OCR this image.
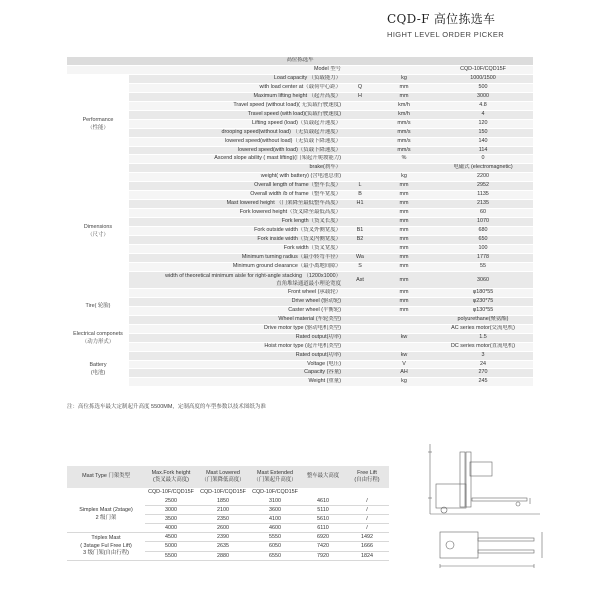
CQD-F 高位拣选车
HIGHT LEVEL ORDER PICKER
高位拣选车				
	Model 型号			CQD-10F/CQD15F
Performance
（性能）	Load capacity （负载能力）		kg	1000/1500
	with load center at（载荷中心距）	Q	mm	500
	Maximum lifting height （起升高度）	H	mm	3000
	Travel speed (without load)( 无负载行驶速度)		km/h	4.8
	Travel speed (with load)(负载行驶速度)		km/h	4
	Lifting speed (load)（负载起升速度）		mm/s	120
	drooping speed(without load) （无负载起升速度）		mm/s	150
	lowered speed(without load)（无负载下降速度）		mm/s	140
	lowered speed(with load)（负载下降速度）		mm/s	114
	Ascend slope ability ( mast lifting)(门架起升爬坡能力)		%	0
	brake(刹车）			电磁式 (electromagnetic)
Dimensions
（尺寸）	weight( with battery) (含电池总重)		kg	2200
	Overall length of frame（整车长度）	L	mm	2952
	Overall width /b of frame（整车宽度）	B	mm	1135
	Mast lowered height （门架降至最低整车高度）	H1	mm	2135
	Fork lowered height（货叉降至最低高度）		mm	60
	Fork length（货叉长度）		mm	1070
	Fork outside width（货叉外侧宽度）	B1	mm	680
	Fork inside width（货叉内侧宽度）	B2	mm	650
	Fork width（货叉宽度）		mm	100
	Minimum turning radius（最小转弯半径）	Wa	mm	1778
	Minimum ground clearance（最小离地间隙）	S	mm	55
	width of theoretical minimum aisle for right-angle stacking （1200x1000）
直角堆垛通道最小理论宽度	Ast	mm	3060
Tire( 轮胎)	Front wheel (承载轮）		mm	φ180*55
	Drive wheel (驱动轮)		mm	φ230*75
	Caster wheel (平衡轮)		mm	φ130*55
	Wheel material (车轮类型)			polyurethane(聚氨酯)
Electrical componets
（动力形式）	Drive motor type (驱动电机类型)			AC series motor(交流电机)
	Rated output(功率)		kw	1.5
	Hoist motor type (起升电机类型)			DC series motor(直流电机)
Battery
(电池)	Rated output(功率)		kw	3
	Voltage (电压)		V	24
	Capacity (容量)		AH	270
	Weight (重量)		kg	245
注：高位拣选车最大定制起升高度 5500MM，定制高度的车型参数以技术图纸为准
Mast Type 门架类型	Max.Fork height
(货叉最大高度)	Mast Lowered
（门架降低高度）	Mast Extended
（门架起升高度）	整车最大高度	Free Lift
(自由行程)
	CQD-10F/CQD15F	CQD-10F/CQD15F	CQD-10F/CQD15F		
Simplex Mast (2stage)
2 级门架	2500	1850	3100	4610	/
	3000	2100	3600	5110	/
	3500	2350	4100	5610	/
	4000	2600	4600	6110	/
Triplex Mast
( 3stage Ful Free Lift)
3 级门架(自由行程)	4500	2390	5550	6920	1492
	5000	2635	6050	7420	1666
	5500	2880	6550	7920	1824
